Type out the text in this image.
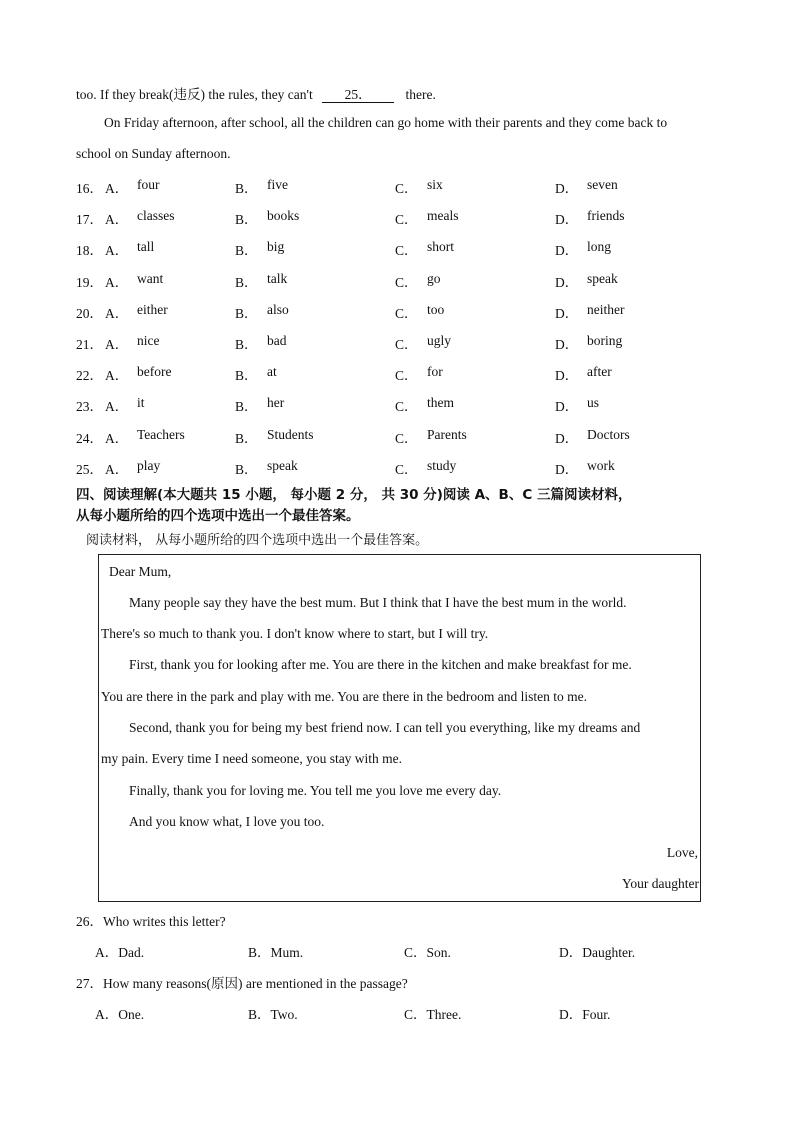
too. If they break(违反) the rules, they can't 25．	there.
On Friday afternoon, after school, all the children can go home with their parents and they come back to
school on Sunday afternoon.
16． A． four	B． five	C． six	D． seven
17． A． classes	B． books	C． meals	D． friends
18． A． tall	B． big	C． short	D． long
19． A． want	B． talk	C． go	D． speak
20． A． either	B． also	C． too	D． neither
21． A． nice	B． bad	C． ugly	D． boring
22． A． before	B． at	C． for	D． after
23． A． it	B． her	C． them	D． us
24． A． Teachers	B． Students	C． Parents	D． Doctors
25． A． play	B． speak	C． study	D． work
四、阅读理解(本大题共 15 小题， 每小题 2 分， 共 30 分)阅读 A、B、C 三篇阅读材料，
从每小题所给的四个选项中选出一个最佳答案。
阅读材料， 从每小题所给的四个选项中选出一个最佳答案。
Dear Mum,
Many people say they have the best mum. But I think that I have the best mum in the world.
There's so much to thank you. I don't know where to start, but I will try.
First, thank you for looking after me. You are there in the kitchen and make breakfast for me.
You are there in the park and play with me. You are there in the bedroom and listen to me.
Second, thank you for being my best friend now. I can tell you everything, like my dreams and
my pain. Every time I need someone, you stay with me.
Finally, thank you for loving me. You tell me you love me every day.
And you know what, I love you too.
Love,
Your daughter
26．Who writes this letter?
A．Dad.	B．Mum.	C．Son.	D．Daughter.
27．How many reasons(原因) are mentioned in the passage?
A．One.	B．Two.	C．Three.	D．Four.
